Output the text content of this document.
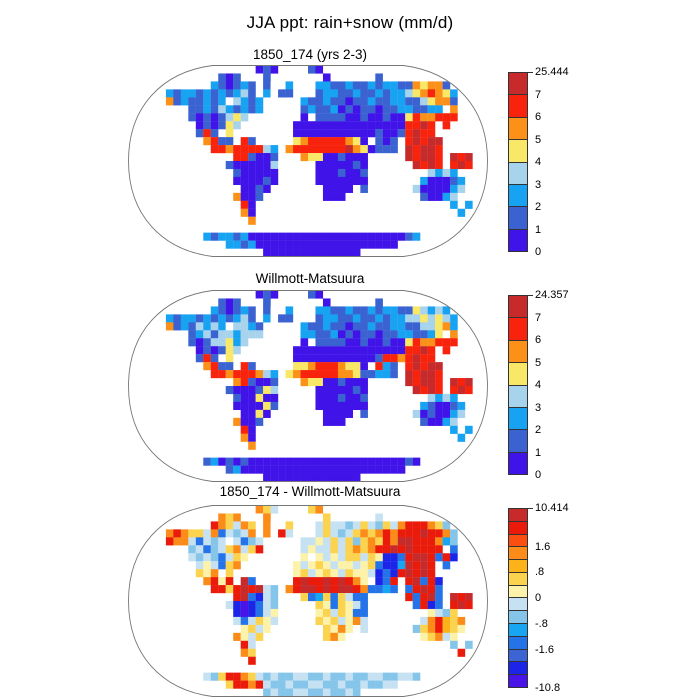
JJA ppt: rain+snow (mm/d)
1850_174 (yrs 2-3)
25.444
7
6
5
4
3
2
1
0
Willmott-Matsuura
24.357
7
6
5
4
3
2
1
0
1850_174 - Willmott-Matsuura
10.414
1.6
.8
0
-.8
-1.6
-10.8
